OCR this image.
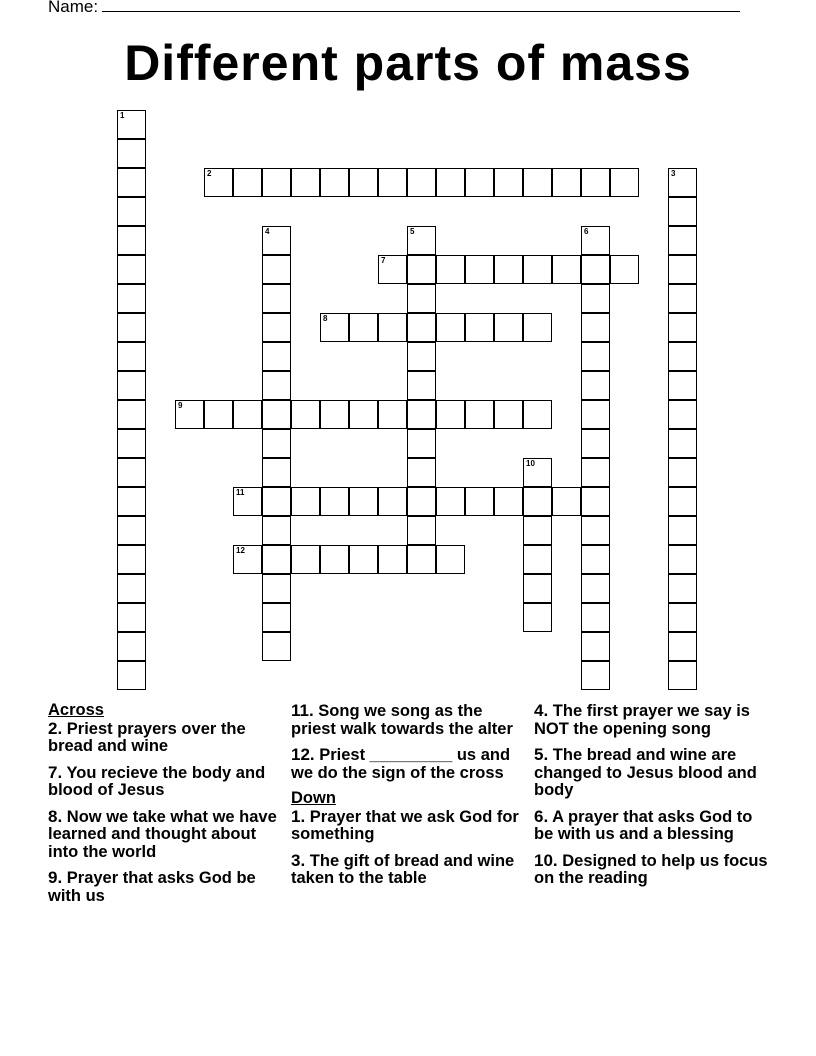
Name:
Different parts of mass
1
2	3
4	5	6
7
8
9
10
11
12
Across
2. Priest prayers over the bread and wine
7. You recieve the body and blood of Jesus
8. Now we take what we have learned and thought about into the world
9. Prayer that asks God be with us
11. Song we song as the priest walk towards the alter
12. Priest _________ us and we do the sign of the cross
Down
1. Prayer that we ask God for something
3. The gift of bread and wine taken to the table
4. The first prayer we say is NOT the opening song
5. The bread and wine are changed to Jesus blood and body
6. A prayer that asks God to be with us and a blessing
10. Designed to help us focus on the reading
